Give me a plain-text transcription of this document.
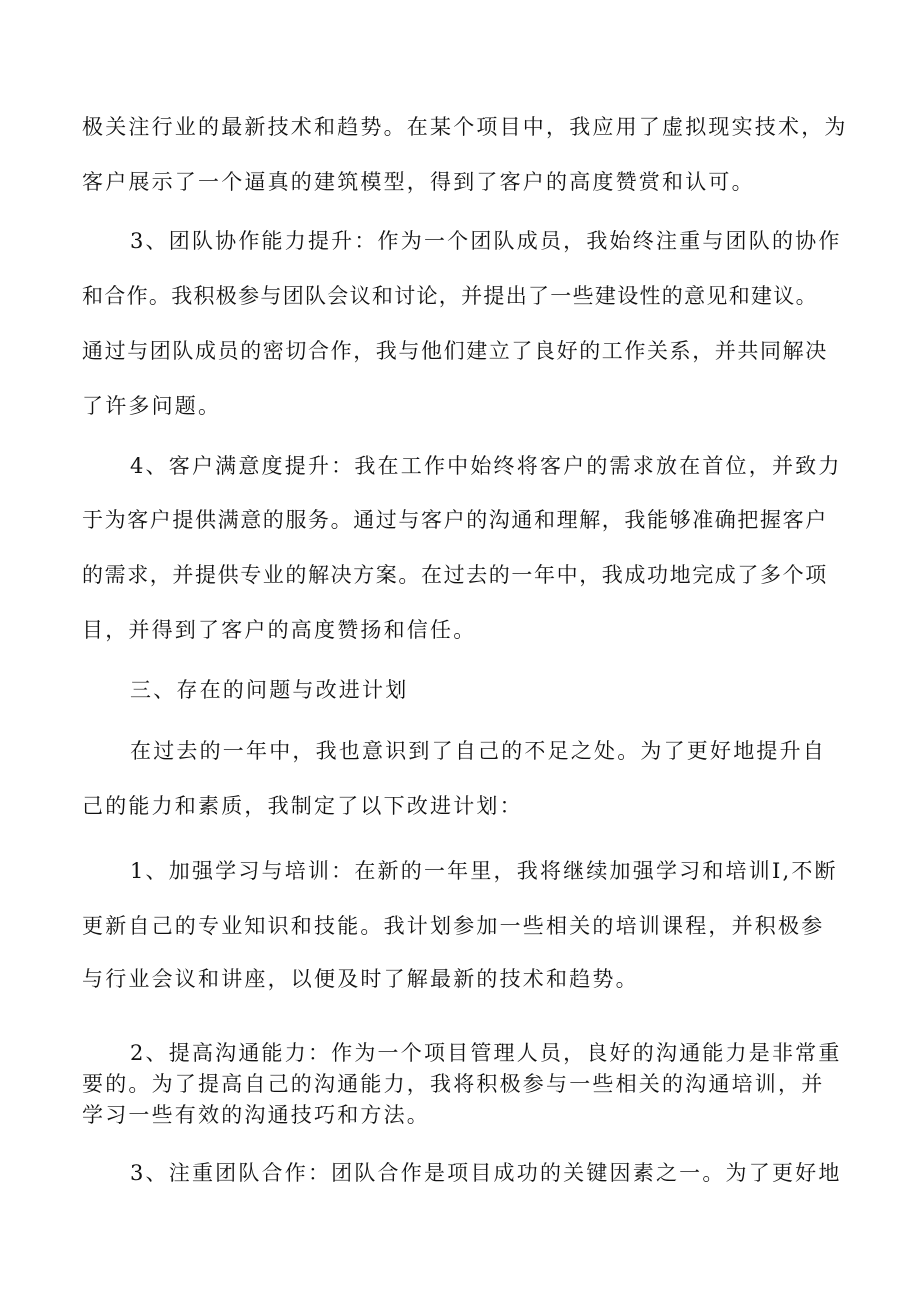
极关注行业的最新技术和趋势。在某个项目中，我应用了虚拟现实技术，为

客户展示了一个逼真的建筑模型，得到了客户的高度赞赏和认可。

3、团队协作能力提升：作为一个团队成员，我始终注重与团队的协作

和合作。我积极参与团队会议和讨论，并提出了一些建设性的意见和建议。

通过与团队成员的密切合作，我与他们建立了良好的工作关系，并共同解决

了许多问题。

4、客户满意度提升：我在工作中始终将客户的需求放在首位，并致力

于为客户提供满意的服务。通过与客户的沟通和理解，我能够准确把握客户

的需求，并提供专业的解决方案。在过去的一年中，我成功地完成了多个项

目，并得到了客户的高度赞扬和信任。

三、存在的问题与改进计划

在过去的一年中，我也意识到了自己的不足之处。为了更好地提升自

己的能力和素质，我制定了以下改进计划：

1、加强学习与培训：在新的一年里，我将继续加强学习和培训I,不断

更新自己的专业知识和技能。我计划参加一些相关的培训课程，并积极参

与行业会议和讲座，以便及时了解最新的技术和趋势。

2、提高沟通能力：作为一个项目管理人员，良好的沟通能力是非常重

要的。为了提高自己的沟通能力，我将积极参与一些相关的沟通培训，并

学习一些有效的沟通技巧和方法。

3、注重团队合作：团队合作是项目成功的关键因素之一。为了更好地
